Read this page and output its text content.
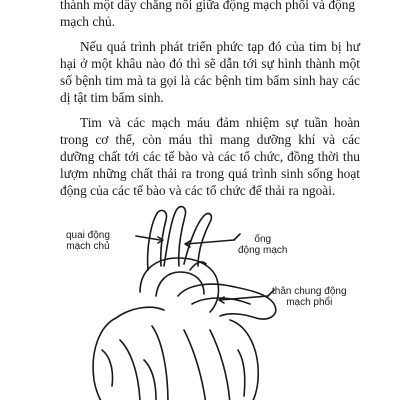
thành một dây chằng nối giữa động mạch phổi và động
mạch chủ.

Nếu quá trình phát triển phức tạp đó của tim bị hư hại ở một khâu nào đó thì sẽ dẫn tới sự hình thành một số bệnh tim mà ta gọi là các bệnh tim bẩm sinh hay các dị tật tim bẩm sinh.

Tim và các mạch máu đảm nhiệm sự tuần hoàn trong cơ thể, còn máu thì mang dưỡng khí và các dưỡng chất tới các tế bào và các tổ chức, đồng thời thu lượm những chất thải ra trong quá trình sinh sống hoạt động của các tế bào và các tổ chức để thải ra ngoài.

quai động
mạch chủ
ống
động mạch
thân chung động
mạch phổi
